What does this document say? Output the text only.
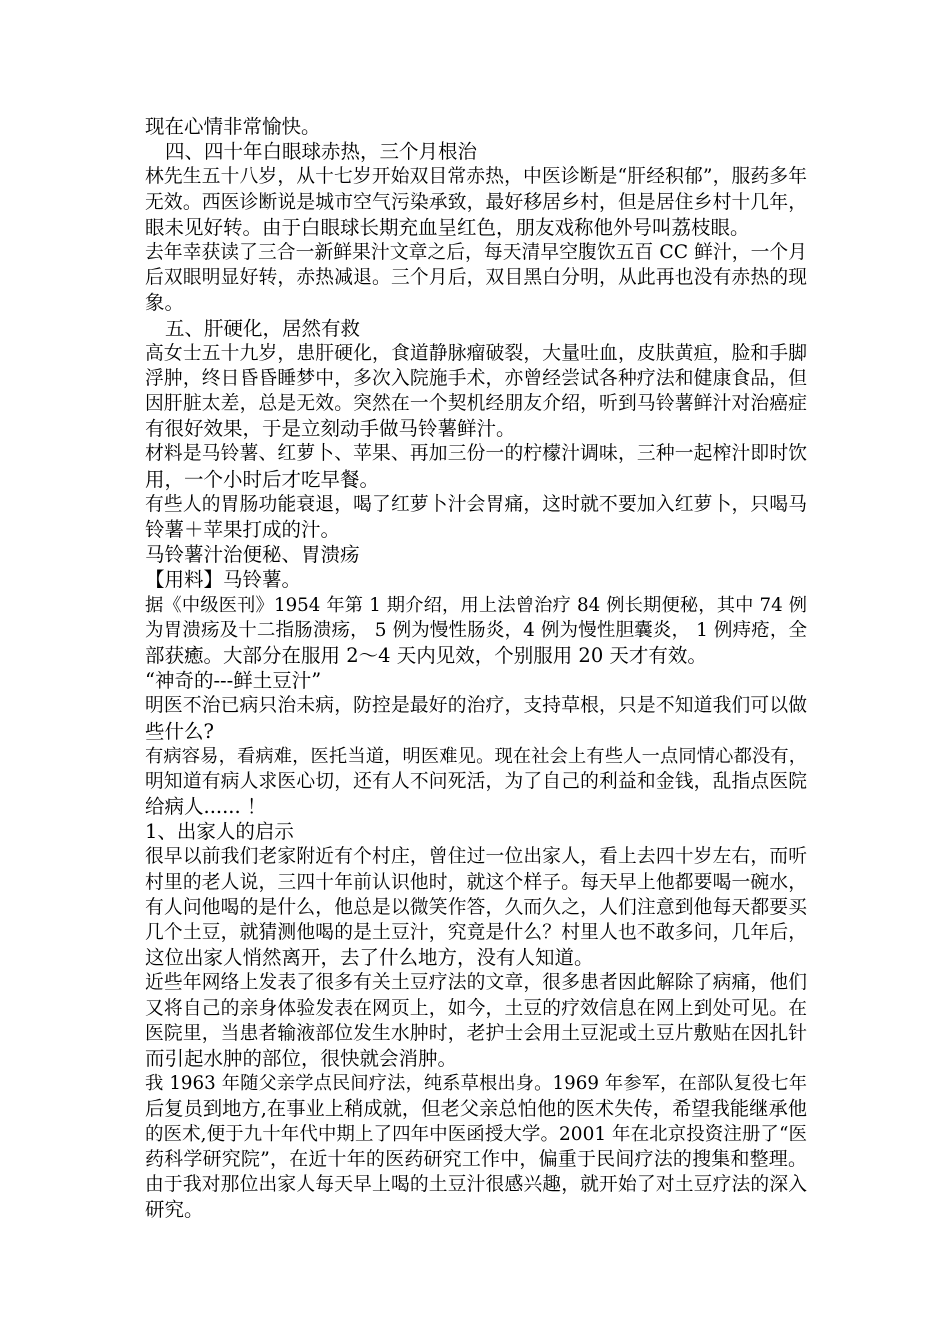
现在心情非常愉快。
四、四十年白眼球赤热，三个月根治
林先生五十八岁，从十七岁开始双目常赤热，中医诊断是“肝经积郁”，服药多年
无效。西医诊断说是城市空气污染承致，最好移居乡村，但是居住乡村十几年，
眼未见好转。由于白眼球长期充血呈红色，朋友戏称他外号叫荔枝眼。
去年幸获读了三合一新鲜果汁文章之后，每天清早空腹饮五百 CC 鲜汁，一个月
后双眼明显好转，赤热减退。三个月后，双目黑白分明，从此再也没有赤热的现
象。
五、肝硬化，居然有救
高女士五十九岁，患肝硬化，食道静脉瘤破裂，大量吐血，皮肤黄疸，脸和手脚
浮肿，终日昏昏睡梦中，多次入院施手术，亦曾经尝试各种疗法和健康食品，但
因肝脏太差，总是无效。突然在一个契机经朋友介绍，听到马铃薯鲜汁对治癌症
有很好效果，于是立刻动手做马铃薯鲜汁。
材料是马铃薯、红萝卜、苹果、再加三份一的柠檬汁调味，三种一起榨汁即时饮
用，一个小时后才吃早餐。
有些人的胃肠功能衰退，喝了红萝卜汁会胃痛，这时就不要加入红萝卜，只喝马
铃薯＋苹果打成的汁。
马铃薯汁治便秘、胃溃疡
【用料】马铃薯。
据《中级医刊》1954 年第 1 期介绍，用上法曾治疗 84 例长期便秘，其中 74 例
为胃溃疡及十二指肠溃疡， 5 例为慢性肠炎，4 例为慢性胆囊炎， 1 例痔疮，全
部获癒。大部分在服用 2～4 天内见效，个别服用 20 天才有效。
“神奇的---鲜土豆汁”
明医不治已病只治未病，防控是最好的治疗，支持草根，只是不知道我们可以做
些什么?
有病容易，看病难，医托当道，明医难见。现在社会上有些人一点同情心都没有，
明知道有病人求医心切，还有人不问死活，为了自己的利益和金钱，乱指点医院
给病人...... ！
1、出家人的启示
很早以前我们老家附近有个村庄，曾住过一位出家人，看上去四十岁左右，而听
村里的老人说，三四十年前认识他时，就这个样子。每天早上他都要喝一碗水，
有人问他喝的是什么，他总是以微笑作答，久而久之，人们注意到他每天都要买
几个土豆，就猜测他喝的是土豆汁，究竟是什么？村里人也不敢多问，几年后，
这位出家人悄然离开，去了什么地方，没有人知道。
近些年网络上发表了很多有关土豆疗法的文章，很多患者因此解除了病痛，他们
又将自己的亲身体验发表在网页上，如今，土豆的疗效信息在网上到处可见。在
医院里，当患者输液部位发生水肿时，老护士会用土豆泥或土豆片敷贴在因扎针
而引起水肿的部位，很快就会消肿。
我 1963 年随父亲学点民间疗法，纯系草根出身。1969 年参军，在部队复役七年
后复员到地方,在事业上稍成就，但老父亲总怕他的医术失传，希望我能继承他
的医术,便于九十年代中期上了四年中医函授大学。2001 年在北京投资注册了“医
药科学研究院”，在近十年的医药研究工作中，偏重于民间疗法的搜集和整理。
由于我对那位出家人每天早上喝的土豆汁很感兴趣，就开始了对土豆疗法的深入
研究。
